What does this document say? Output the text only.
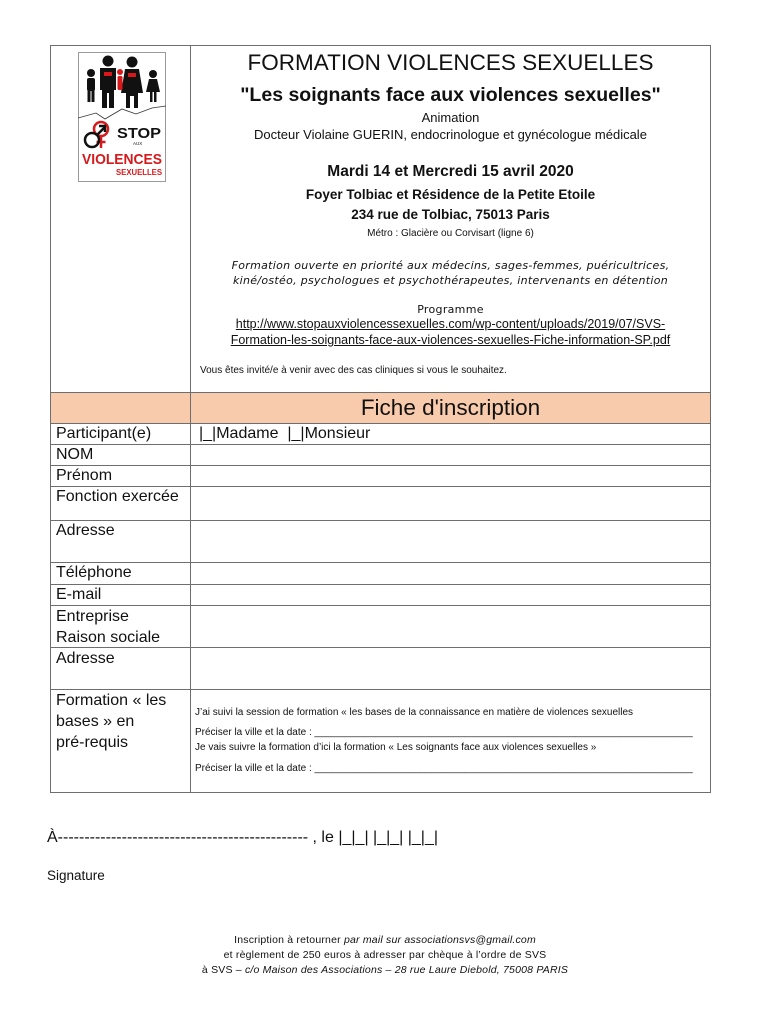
STOP
AUX
VIOLENCES
SEXUELLES

FORMATION VIOLENCES SEXUELLES

"Les soignants face aux violences sexuelles"

Animation

Docteur Violaine GUERIN, endocrinologue et gynécologue médicale

Mardi 14 et Mercredi 15 avril 2020

Foyer Tolbiac et Résidence de la Petite Etoile

234 rue de Tolbiac, 75013 Paris

Métro : Glacière ou Corvisart (ligne 6)

Formation ouverte en priorité aux médecins, sages-femmes, puéricultrices,

kiné/ostéo, psychologues et psychothérapeutes, intervenants en détention

Programme

http://www.stopauxviolencessexuelles.com/wp-content/uploads/2019/07/SVS-

Formation-les-soignants-face-aux-violences-sexuelles-Fiche-information-SP.pdf

Vous êtes invité/e à venir avec des cas cliniques si vous le souhaitez.

Fiche d'inscription
Participant(e)	|_|Madame  |_|Monsieur
NOM
Prénom
Fonction exercée
Adresse
Téléphone
E-mail
Entreprise
Raison sociale
Adresse

Formation « les
bases » en
pré-requis

J’ai suivi la session de formation « les bases de la connaissance en matière de violences sexuelles

Préciser la ville et la date : ____________________________________________________________________

Je vais suivre la formation d’ici la formation « Les soignants face aux violences sexuelles »

Préciser la ville et la date : ____________________________________________________________________

À----------------------------------------------- , le |_|_| |_|_| |_|_|
Signature
Inscription à retourner par mail sur associationsvs@gmail.com
et règlement de 250 euros à adresser par chèque à l’ordre de SVS
à SVS – c/o Maison des Associations – 28 rue Laure Diebold, 75008 PARIS
